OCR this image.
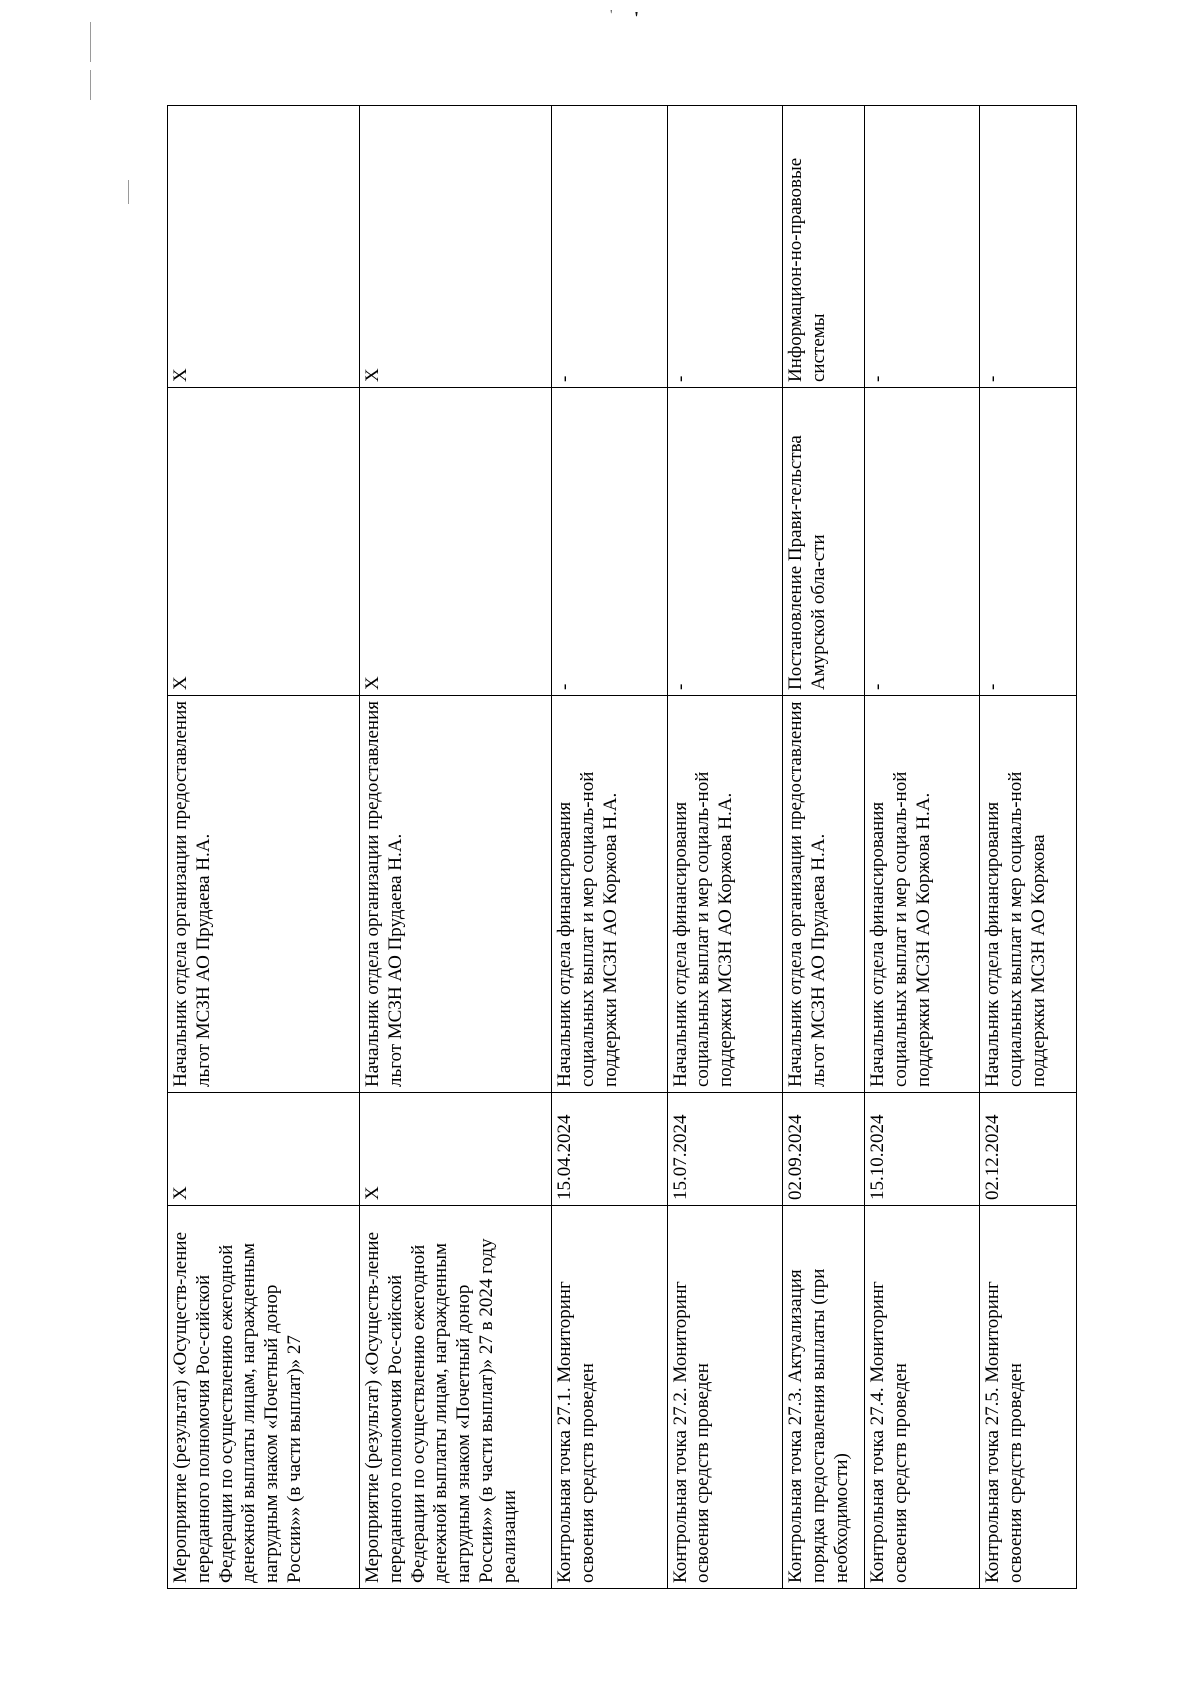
' '
Мероприятие (результат) «Осуществ-ление переданного полномочия Рос-сийской Федерации по осуществлению ежегодной денежной выплаты лицам, награжденным нагрудным знаком «Почетный донор России»» (в части выплат)» 27	X	Начальник отдела организации предоставления льгот МСЗН АО Прудаева Н.А.	X	X
Мероприятие (результат) «Осуществ-ление переданного полномочия Рос-сийской Федерации по осуществлению ежегодной денежной выплаты лицам, награжденным нагрудным знаком «Почетный донор России»» (в части выплат)» 27 в 2024 году реализации	X	Начальник отдела организации предоставления льгот МСЗН АО Прудаева Н.А.	X	X
Контрольная точка 27.1. Мониторинг освоения средств проведен	15.04.2024	Начальник отдела финансирования социальных выплат и мер социаль-ной поддержки МСЗН АО Коржова Н.А.	-	-
Контрольная точка 27.2. Мониторинг освоения средств проведен	15.07.2024	Начальник отдела финансирования социальных выплат и мер социаль-ной поддержки МСЗН АО Коржова Н.А.	-	-
Контрольная точка 27.3. Актуализация порядка предоставления выплаты (при необходимости)	02.09.2024	Начальник отдела организации предоставления льгот МСЗН АО Прудаева Н.А.	Постановление Прави-тельства Амурской обла-сти	Информацион-но-правовые системы
Контрольная точка 27.4. Мониторинг освоения средств проведен	15.10.2024	Начальник отдела финансирования социальных выплат и мер социаль-ной поддержки МСЗН АО Коржова Н.А.	-	-
Контрольная точка 27.5. Мониторинг освоения средств проведен	02.12.2024	Начальник отдела финансирования социальных выплат и мер социаль-ной поддержки МСЗН АО Коржова	-	-
